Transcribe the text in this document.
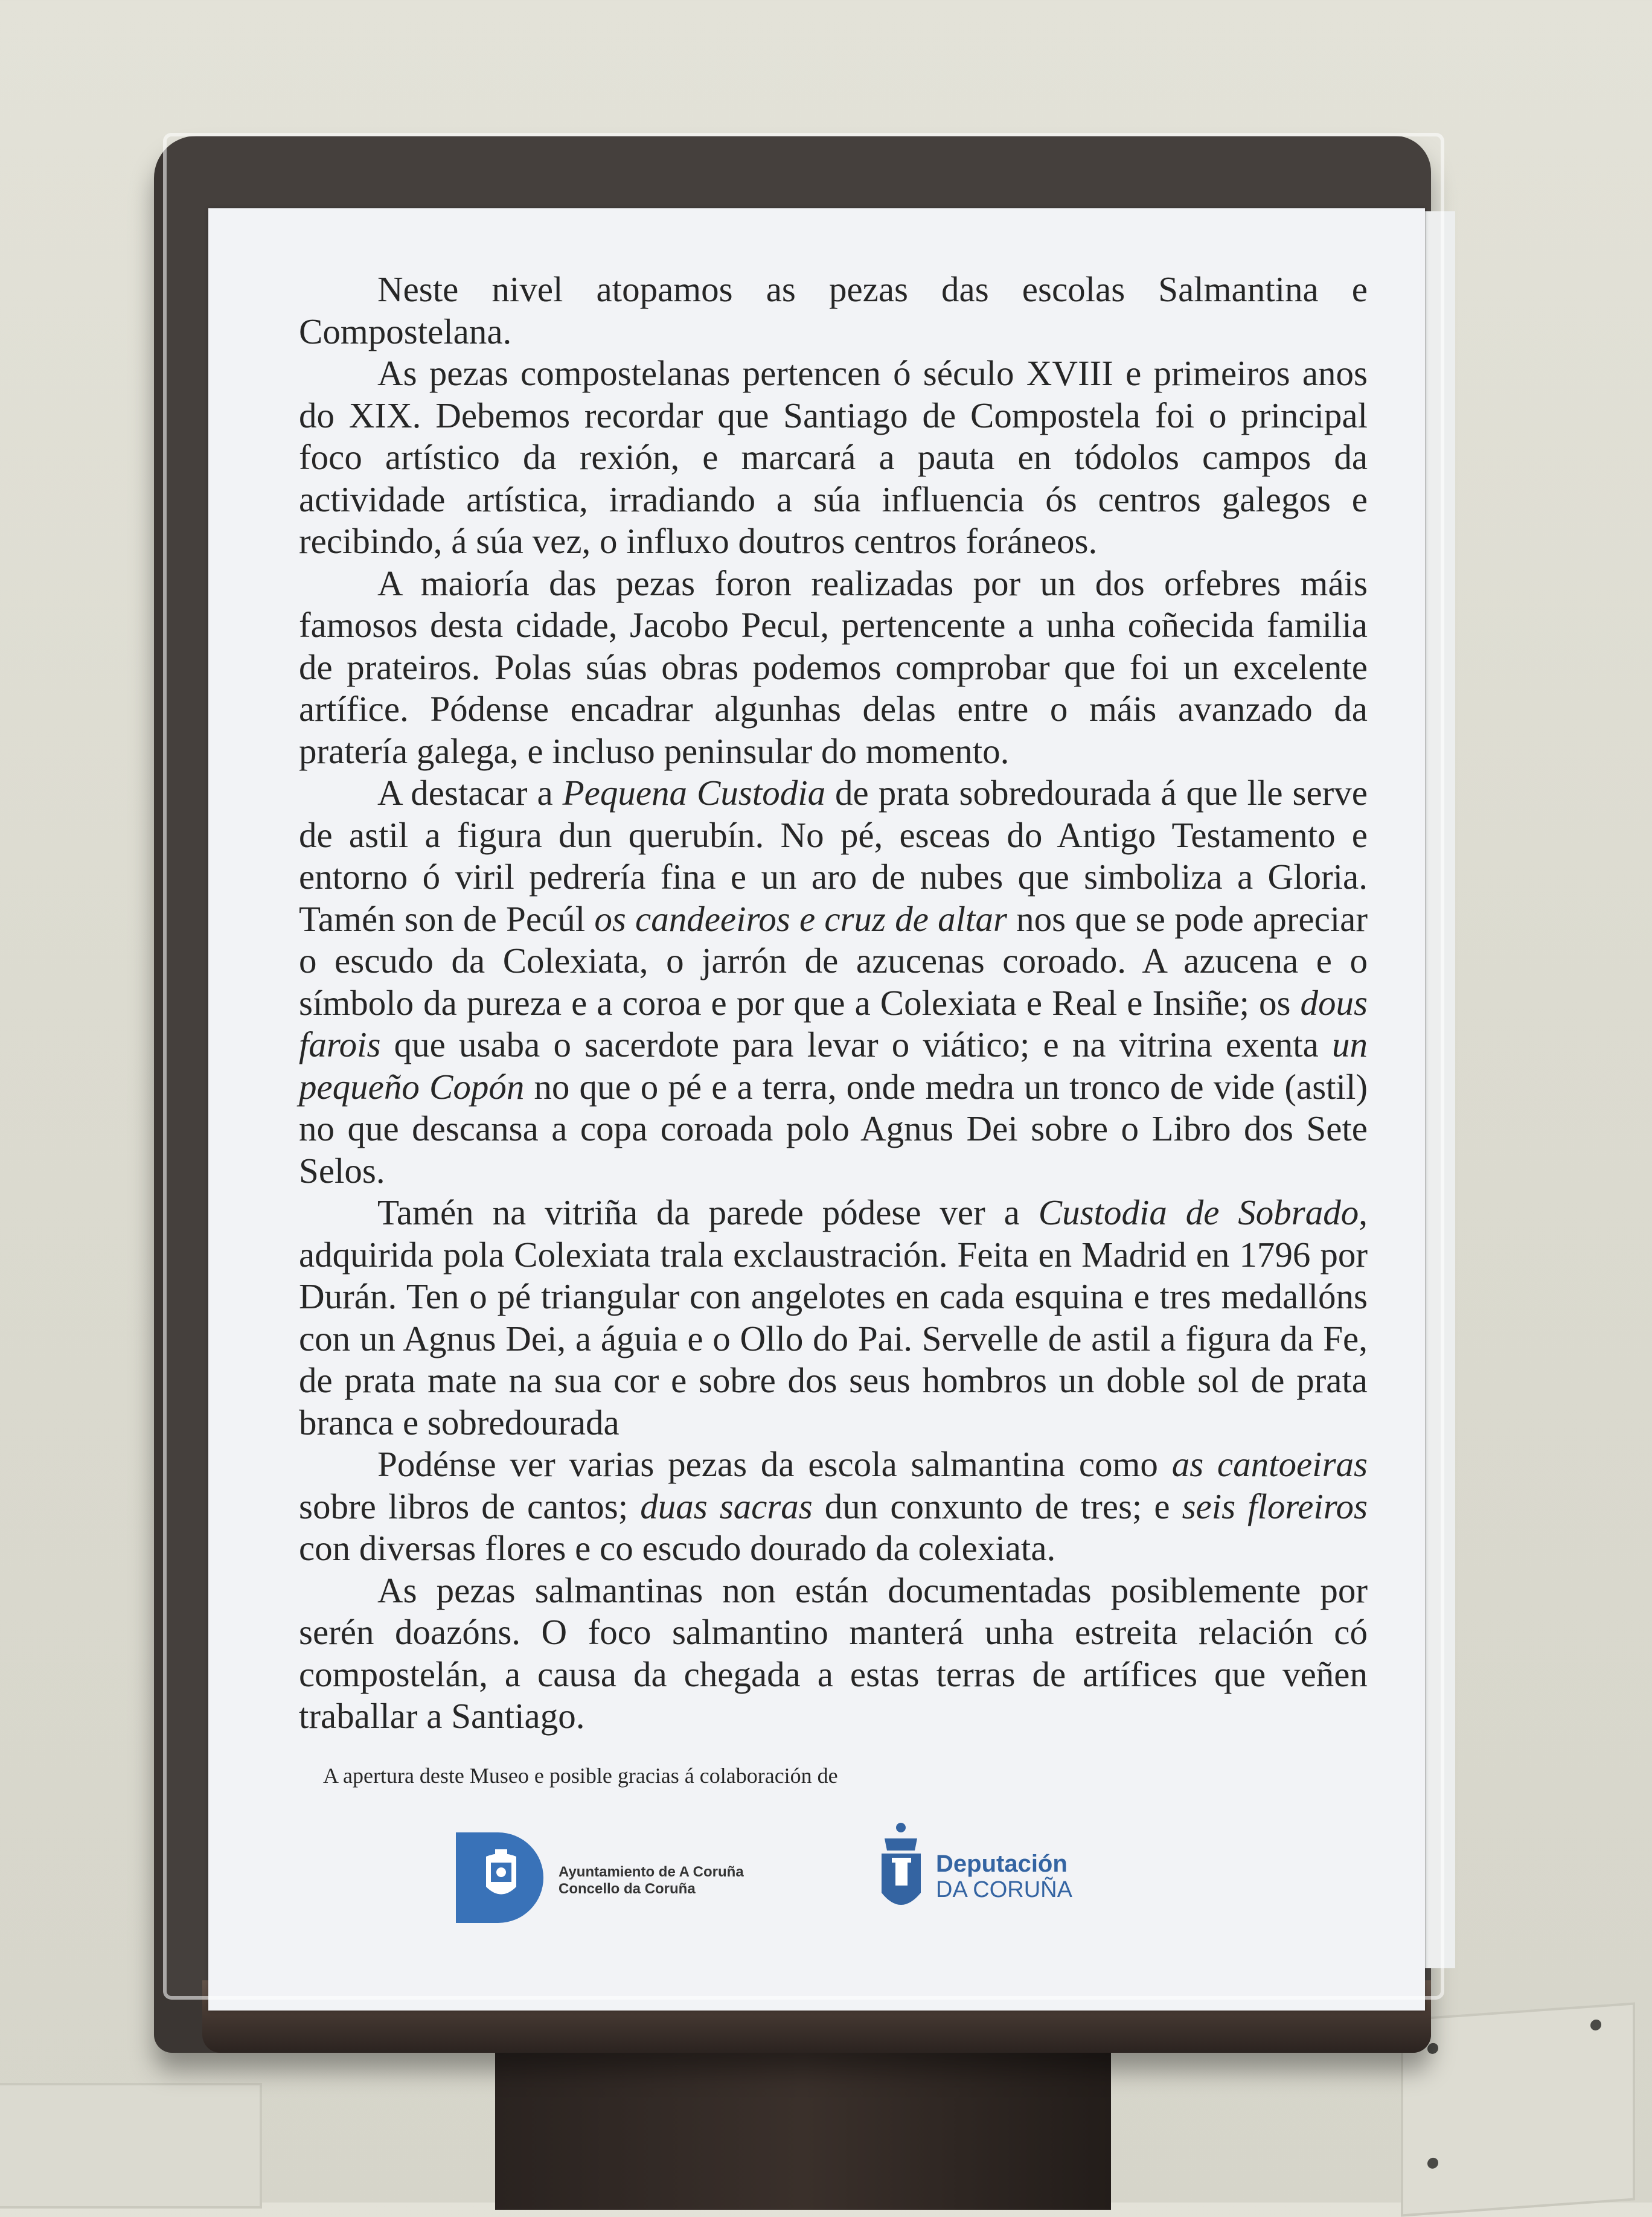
Neste nivel atopamos as pezas das escolas Salmantina e Compostelana.

As pezas compostelanas pertencen ó século XVIII e primeiros anos do XIX. Debemos recordar que Santiago de Compostela foi o principal foco artístico da rexión, e marcará a pauta en tódolos campos da actividade artística, irradiando a súa influencia ós centros galegos e recibindo, á súa vez, o influxo doutros centros foráneos.

A maioría das pezas foron realizadas por un dos orfebres máis famosos desta cidade, Jacobo Pecul, pertencente a unha coñecida familia de prateiros. Polas súas obras podemos comprobar que foi un excelente artífice. Pódense encadrar algunhas delas entre o máis avanzado da pratería galega, e incluso peninsular do momento.

A destacar a Pequena Custodia de prata sobredourada á que lle serve de astil a figura dun querubín. No pé, esceas do Antigo Testamento e entorno ó viril pedrería fina e un aro de nubes que simboliza a Gloria. Tamén son de Pecúl os candeeiros e cruz de altar nos que se pode apreciar o escudo da Colexiata, o jarrón de azucenas coroado. A azucena e o símbolo da pureza e a coroa e por que a Colexiata e Real e Insiñe; os dous farois que usaba o sacerdote para levar o viático; e na vitrina exenta un pequeño Copón no que o pé e a terra, onde medra un tronco de vide (astil) no que descansa a copa coroada polo Agnus Dei sobre o Libro dos Sete Selos.

Tamén na vitriña da parede pódese ver a Custodia de Sobrado, adquirida pola Colexiata trala exclaustración. Feita en Madrid en 1796 por Durán. Ten o pé triangular con angelotes en cada esquina e tres medallóns con un Agnus Dei, a águia e o Ollo do Pai. Servelle de astil a figura da Fe, de prata mate na sua cor e sobre dos seus hombros un doble sol de prata branca e sobredourada

Podénse ver varias pezas da escola salmantina como as cantoeiras sobre libros de cantos; duas sacras dun conxunto de tres; e seis floreiros con diversas flores e co escudo dourado da colexiata.

As pezas salmantinas non están documentadas posiblemente por serén doazóns. O foco salmantino manterá unha estreita relación có compostelán, a causa da chegada a estas terras de artífices que veñen traballar a Santiago.

A apertura deste Museo e posible gracias á colaboración de
Ayuntamiento de A Coruña
Concello da Coruña
Deputación
DA CORUÑA
